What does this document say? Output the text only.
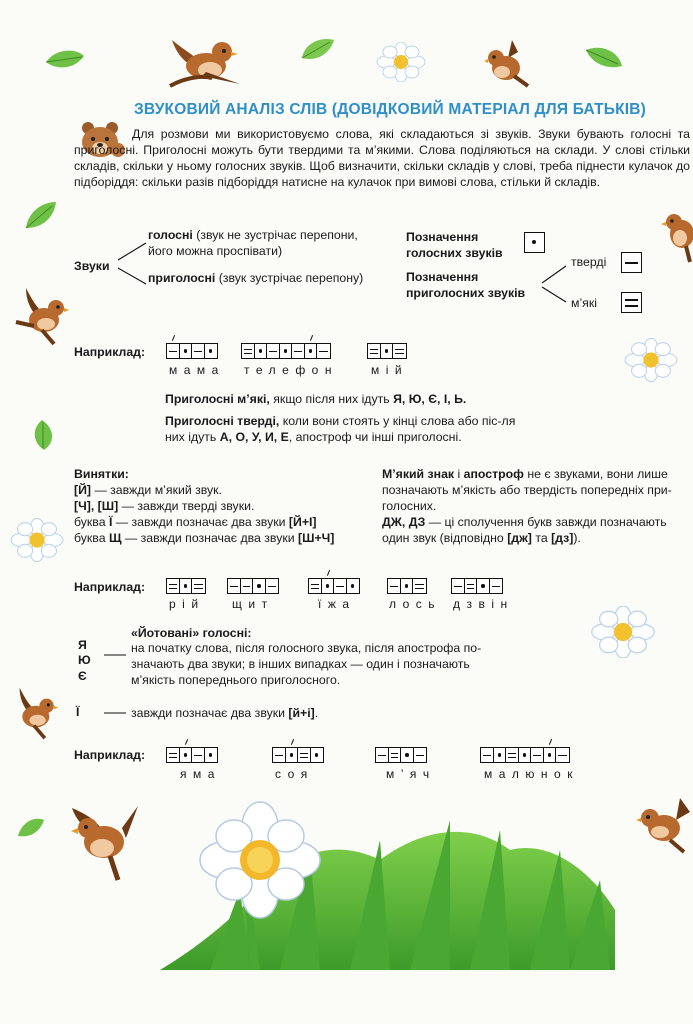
ЗВУКОВИЙ АНАЛІЗ СЛІВ (ДОВІДКОВИЙ МАТЕРІАЛ ДЛЯ БАТЬКІВ)

Для розмови ми використовуємо слова, які складаються зі звуків. Звуки бувають голосні та приголосні. Приголосні можуть бути твердими та м’якими. Слова поділяються на склади. У слові стільки складів, скільки у ньому голосних звуків. Щоб визначити, скільки складів у слові, треба піднести кулачок до підборіддя: скільки разів підборіддя натисне на кулачок при вимові слова, стільки й складів.

Звуки
голосні (звук не зустрічає перепони, його можна проспівати)
приголосні (звук зустрічає перепону)
Позначення голосних звуків
Позначення приголосних звуків
тверді
м’які
Наприклад:
мама телефон	мій
Приголосні м’які, якщо після них ідуть Я, Ю, Є, І, Ь.
Приголосні тверді, коли вони стоять у кінці слова або піс-ля них ідуть А, О, У, И, Е, апостроф чи інші приголосні.
Винятки:
[Й] — завжди м’який звук.
[Ч], [Ш] — завжди тверді звуки.
буква Ї — завжди позначає два звуки [Й+І]
буква Щ — завжди позначає два звуки [Ш+Ч]
М’який знак і апостроф не є звуками, вони лише позначають м’якість або твердість попередніх при-голосних.
ДЖ, ДЗ — ці сполучення букв завжди позначають один звук (відповідно [дж] та [дз]).
Наприклад:
рій щит	їжа	лось дзвін
Я
Ю
Є
«Йотовані» голосні:
на початку слова, після голосного звука, після апострофа по-значають два звуки; в інших випадках — один і позначають м’якість попереднього приголосного.
Ї	завжди позначає два звуки [й+і].
Наприклад:
яма	соя	м’яч	малюнок
